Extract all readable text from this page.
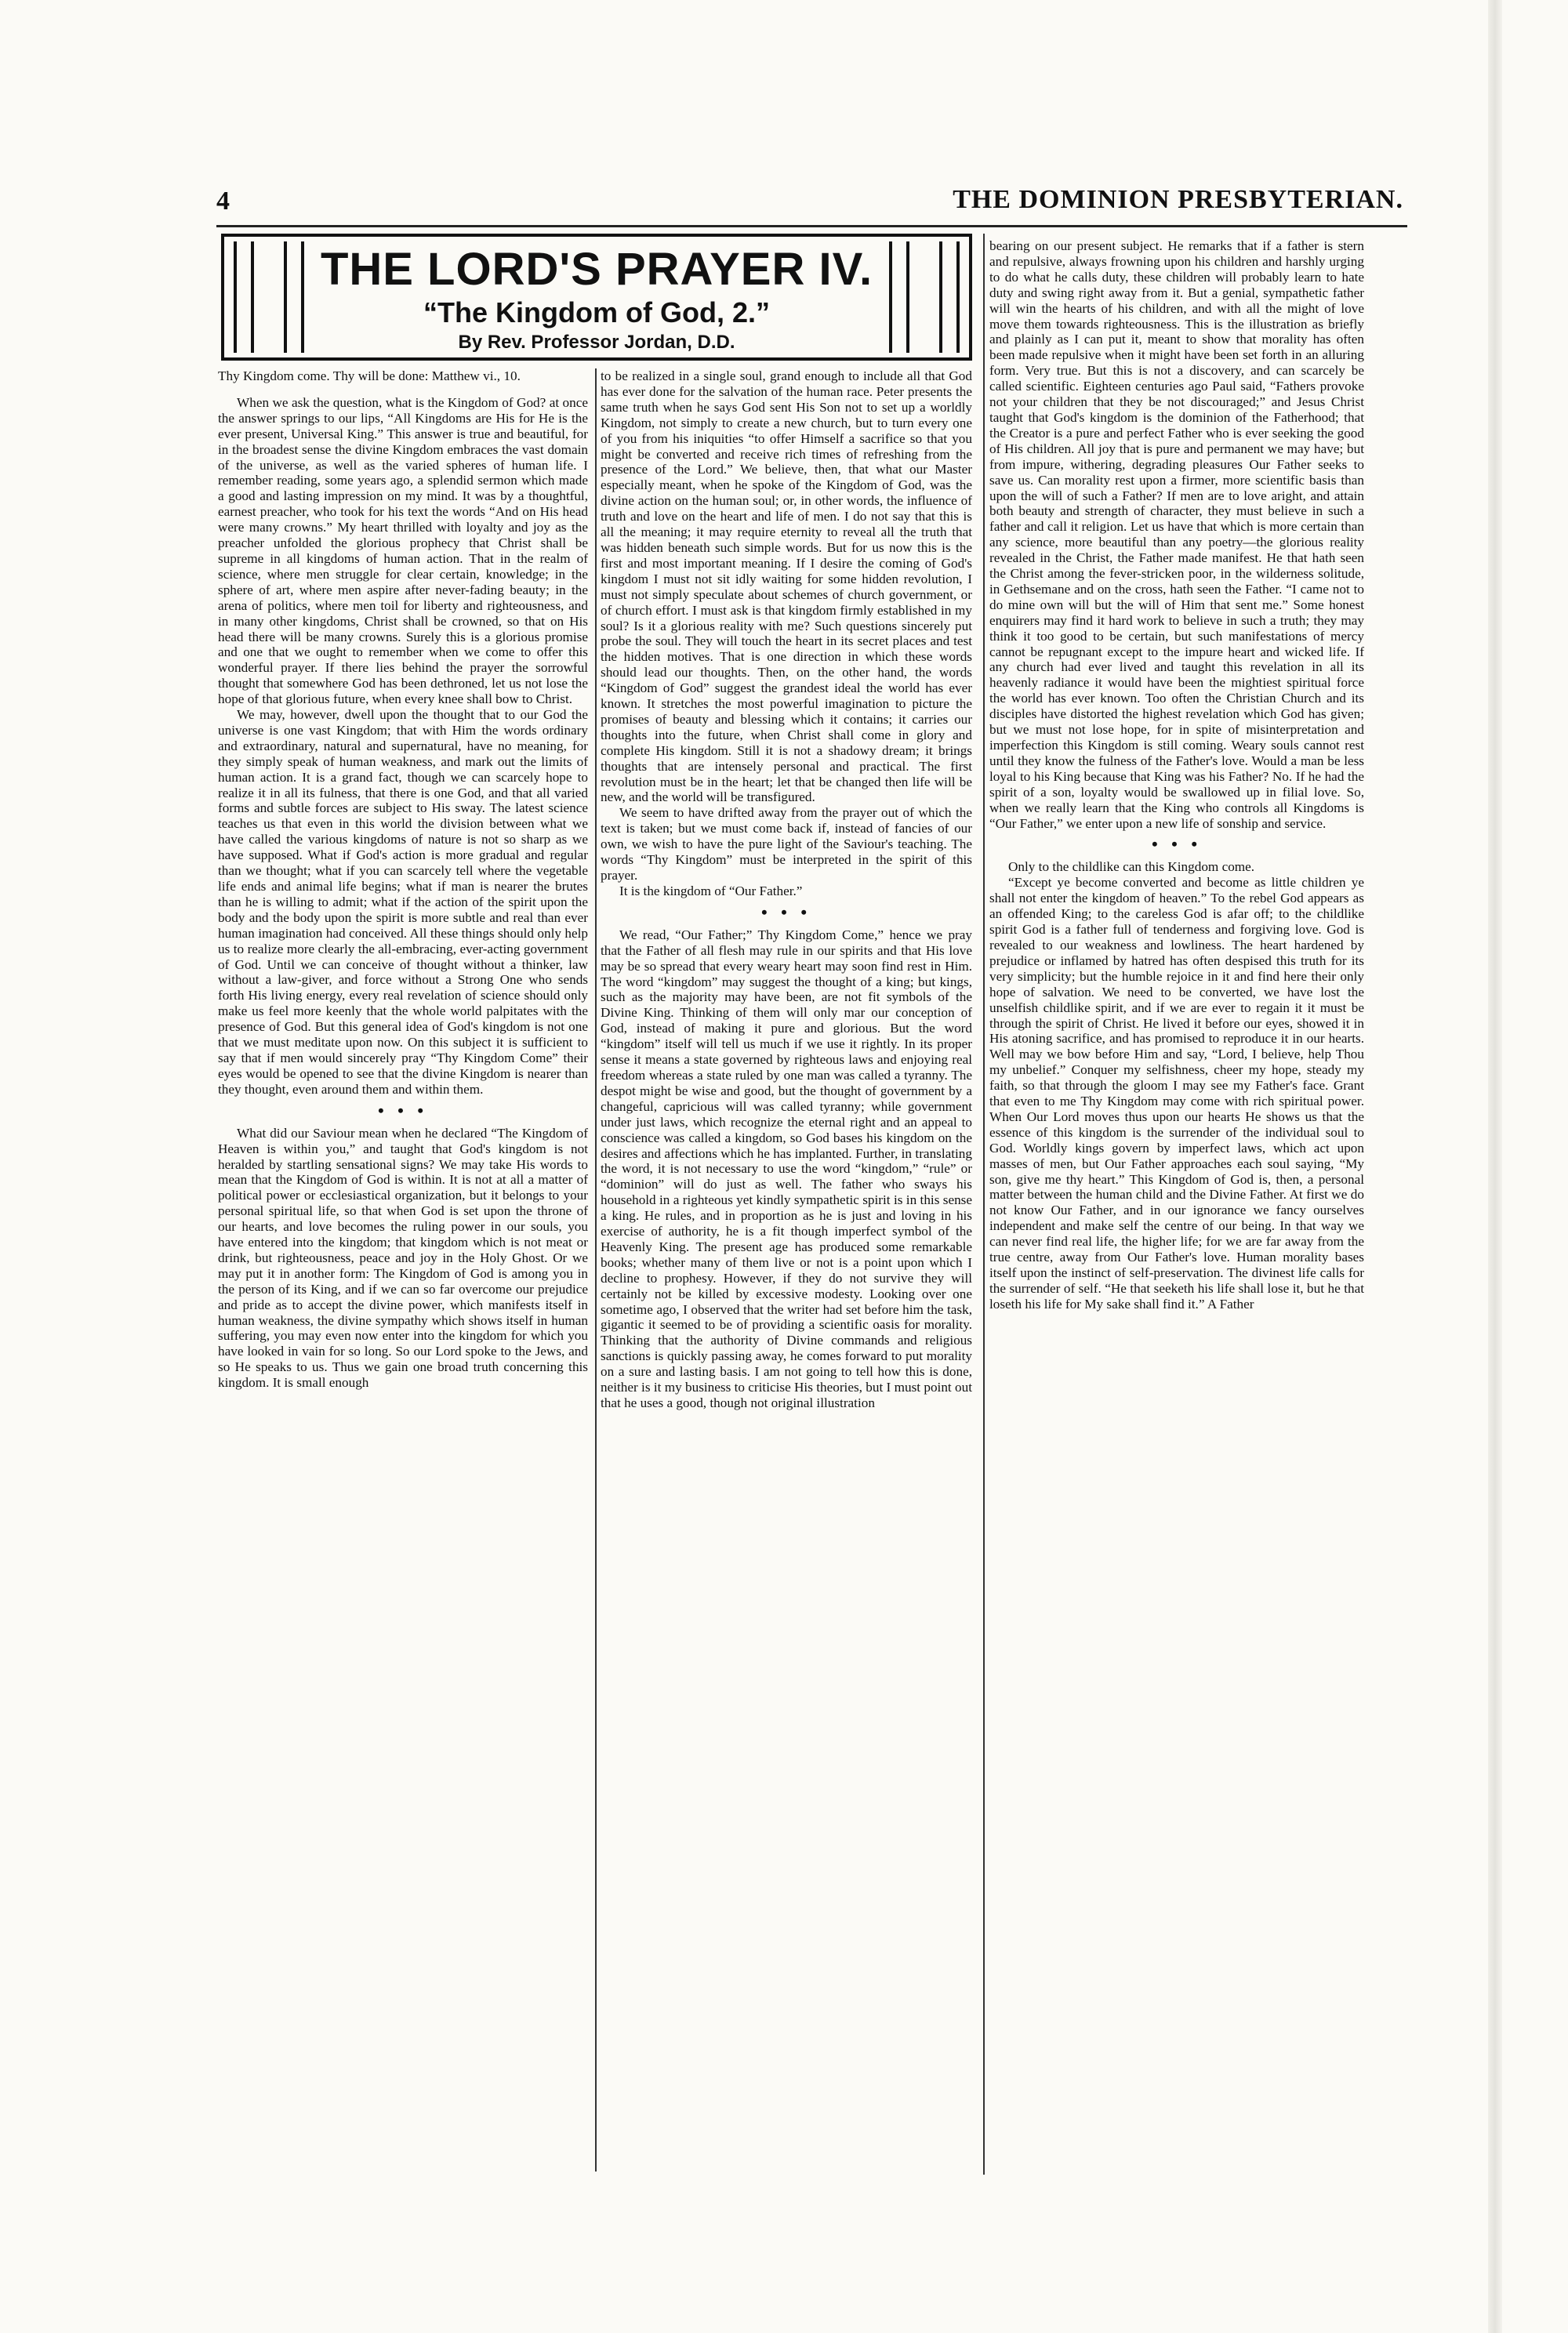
4	THE DOMINION PRESBYTERIAN.
THE LORD'S PRAYER IV.
“The Kingdom of God, 2.”
By Rev. Professor Jordan, D.D.

Thy Kingdom come. Thy will be done: Matthew vi., 10.

When we ask the question, what is the Kingdom of God? at once the answer springs to our lips, “All Kingdoms are His for He is the ever present, Universal King.” This answer is true and beautiful, for in the broadest sense the divine Kingdom embraces the vast domain of the universe, as well as the varied spheres of human life. I remember reading, some years ago, a splendid sermon which made a good and lasting impression on my mind. It was by a thoughtful, earnest preacher, who took for his text the words “And on His head were many crowns.” My heart thrilled with loyalty and joy as the preacher unfolded the glorious prophecy that Christ shall be supreme in all kingdoms of human action. That in the realm of science, where men struggle for clear certain, knowledge; in the sphere of art, where men aspire after never-fading beauty; in the arena of politics, where men toil for liberty and righteousness, and in many other kingdoms, Christ shall be crowned, so that on His head there will be many crowns. Surely this is a glorious promise and one that we ought to remember when we come to offer this wonderful prayer. If there lies behind the prayer the sorrowful thought that somewhere God has been dethroned, let us not lose the hope of that glorious future, when every knee shall bow to Christ.

We may, however, dwell upon the thought that to our God the universe is one vast Kingdom; that with Him the words ordinary and extraordinary, natural and supernatural, have no meaning, for they simply speak of human weakness, and mark out the limits of human action. It is a grand fact, though we can scarcely hope to realize it in all its fulness, that there is one God, and that all varied forms and subtle forces are subject to His sway. The latest science teaches us that even in this world the division between what we have called the various kingdoms of nature is not so sharp as we have supposed. What if God's action is more gradual and regular than we thought; what if you can scarcely tell where the vegetable life ends and animal life begins; what if man is nearer the brutes than he is willing to admit; what if the action of the spirit upon the body and the body upon the spirit is more subtle and real than ever human imagination had conceived. All these things should only help us to realize more clearly the all-embracing, ever-acting government of God. Until we can conceive of thought without a thinker, law without a law-giver, and force without a Strong One who sends forth His living energy, every real revelation of science should only make us feel more keenly that the whole world palpitates with the presence of God. But this general idea of God's kingdom is not one that we must meditate upon now. On this subject it is sufficient to say that if men would sincerely pray “Thy Kingdom Come” their eyes would be opened to see that the divine Kingdom is nearer than they thought, even around them and within them.

• • •

What did our Saviour mean when he declared “The Kingdom of Heaven is within you,” and taught that God's kingdom is not heralded by startling sensational signs? We may take His words to mean that the Kingdom of God is within. It is not at all a matter of political power or ecclesiastical organization, but it belongs to your personal spiritual life, so that when God is set upon the throne of our hearts, and love becomes the ruling power in our souls, you have entered into the kingdom; that kingdom which is not meat or drink, but righteousness, peace and joy in the Holy Ghost. Or we may put it in another form: The Kingdom of God is among you in the person of its King, and if we can so far overcome our prejudice and pride as to accept the divine power, which manifests itself in human weakness, the divine sympathy which shows itself in human suffering, you may even now enter into the kingdom for which you have looked in vain for so long. So our Lord spoke to the Jews, and so He speaks to us. Thus we gain one broad truth concerning this kingdom. It is small enough

to be realized in a single soul, grand enough to include all that God has ever done for the salvation of the human race. Peter presents the same truth when he says God sent His Son not to set up a worldly Kingdom, not simply to create a new church, but to turn every one of you from his iniquities “to offer Himself a sacrifice so that you might be converted and receive rich times of refreshing from the presence of the Lord.” We believe, then, that what our Master especially meant, when he spoke of the Kingdom of God, was the divine action on the human soul; or, in other words, the influence of truth and love on the heart and life of men. I do not say that this is all the meaning; it may require eternity to reveal all the truth that was hidden beneath such simple words. But for us now this is the first and most important meaning. If I desire the coming of God's kingdom I must not sit idly waiting for some hidden revolution, I must not simply speculate about schemes of church government, or of church effort. I must ask is that kingdom firmly established in my soul? Is it a glorious reality with me? Such questions sincerely put probe the soul. They will touch the heart in its secret places and test the hidden motives. That is one direction in which these words should lead our thoughts. Then, on the other hand, the words “Kingdom of God” suggest the grandest ideal the world has ever known. It stretches the most powerful imagination to picture the promises of beauty and blessing which it contains; it carries our thoughts into the future, when Christ shall come in glory and complete His kingdom. Still it is not a shadowy dream; it brings thoughts that are intensely personal and practical. The first revolution must be in the heart; let that be changed then life will be new, and the world will be transfigured.

We seem to have drifted away from the prayer out of which the text is taken; but we must come back if, instead of fancies of our own, we wish to have the pure light of the Saviour's teaching. The words “Thy Kingdom” must be interpreted in the spirit of this prayer.

It is the kingdom of “Our Father.”

• • •

We read, “Our Father;” Thy Kingdom Come,” hence we pray that the Father of all flesh may rule in our spirits and that His love may be so spread that every weary heart may soon find rest in Him. The word “kingdom” may suggest the thought of a king; but kings, such as the majority may have been, are not fit symbols of the Divine King. Thinking of them will only mar our conception of God, instead of making it pure and glorious. But the word “kingdom” itself will tell us much if we use it rightly. In its proper sense it means a state governed by righteous laws and enjoying real freedom whereas a state ruled by one man was called a tyranny. The despot might be wise and good, but the thought of government by a changeful, capricious will was called tyranny; while government under just laws, which recognize the eternal right and an appeal to conscience was called a kingdom, so God bases his kingdom on the desires and affections which he has implanted. Further, in translating the word, it is not necessary to use the word “kingdom,” “rule” or “dominion” will do just as well. The father who sways his household in a righteous yet kindly sympathetic spirit is in this sense a king. He rules, and in proportion as he is just and loving in his exercise of authority, he is a fit though imperfect symbol of the Heavenly King. The present age has produced some remarkable books; whether many of them live or not is a point upon which I decline to prophesy. However, if they do not survive they will certainly not be killed by excessive modesty. Looking over one sometime ago, I observed that the writer had set before him the task, gigantic it seemed to be of providing a scientific oasis for morality. Thinking that the authority of Divine commands and religious sanctions is quickly passing away, he comes forward to put morality on a sure and lasting basis. I am not going to tell how this is done, neither is it my business to criticise His theories, but I must point out that he uses a good, though not original illustration

bearing on our present subject. He remarks that if a father is stern and repulsive, always frowning upon his children and harshly urging to do what he calls duty, these children will probably learn to hate duty and swing right away from it. But a genial, sympathetic father will win the hearts of his children, and with all the might of love move them towards righteousness. This is the illustration as briefly and plainly as I can put it, meant to show that morality has often been made repulsive when it might have been set forth in an alluring form. Very true. But this is not a discovery, and can scarcely be called scientific. Eighteen centuries ago Paul said, “Fathers provoke not your children that they be not discouraged;” and Jesus Christ taught that God's kingdom is the dominion of the Fatherhood; that the Creator is a pure and perfect Father who is ever seeking the good of His children. All joy that is pure and permanent we may have; but from impure, withering, degrading pleasures Our Father seeks to save us. Can morality rest upon a firmer, more scientific basis than upon the will of such a Father? If men are to love aright, and attain both beauty and strength of character, they must believe in such a father and call it religion. Let us have that which is more certain than any science, more beautiful than any poetry—the glorious reality revealed in the Christ, the Father made manifest. He that hath seen the Christ among the fever-stricken poor, in the wilderness solitude, in Gethsemane and on the cross, hath seen the Father. “I came not to do mine own will but the will of Him that sent me.” Some honest enquirers may find it hard work to believe in such a truth; they may think it too good to be certain, but such manifestations of mercy cannot be repugnant except to the impure heart and wicked life. If any church had ever lived and taught this revelation in all its heavenly radiance it would have been the mightiest spiritual force the world has ever known. Too often the Christian Church and its disciples have distorted the highest revelation which God has given; but we must not lose hope, for in spite of misinterpretation and imperfection this Kingdom is still coming. Weary souls cannot rest until they know the fulness of the Father's love. Would a man be less loyal to his King because that King was his Father? No. If he had the spirit of a son, loyalty would be swallowed up in filial love. So, when we really learn that the King who controls all Kingdoms is “Our Father,” we enter upon a new life of sonship and service.

• • •

Only to the childlike can this Kingdom come.

“Except ye become converted and become as little children ye shall not enter the kingdom of heaven.” To the rebel God appears as an offended King; to the careless God is afar off; to the childlike spirit God is a father full of tenderness and forgiving love. God is revealed to our weakness and lowliness. The heart hardened by prejudice or inflamed by hatred has often despised this truth for its very simplicity; but the humble rejoice in it and find here their only hope of salvation. We need to be converted, we have lost the unselfish childlike spirit, and if we are ever to regain it it must be through the spirit of Christ. He lived it before our eyes, showed it in His atoning sacrifice, and has promised to reproduce it in our hearts. Well may we bow before Him and say, “Lord, I believe, help Thou my unbelief.” Conquer my selfishness, cheer my hope, steady my faith, so that through the gloom I may see my Father's face. Grant that even to me Thy Kingdom may come with rich spiritual power. When Our Lord moves thus upon our hearts He shows us that the essence of this kingdom is the surrender of the individual soul to God. Worldly kings govern by imperfect laws, which act upon masses of men, but Our Father approaches each soul saying, “My son, give me thy heart.” This Kingdom of God is, then, a personal matter between the human child and the Divine Father. At first we do not know Our Father, and in our ignorance we fancy ourselves independent and make self the centre of our being. In that way we can never find real life, the higher life; for we are far away from the true centre, away from Our Father's love. Human morality bases itself upon the instinct of self-preservation. The divinest life calls for the surrender of self. “He that seeketh his life shall lose it, but he that loseth his life for My sake shall find it.” A Father
